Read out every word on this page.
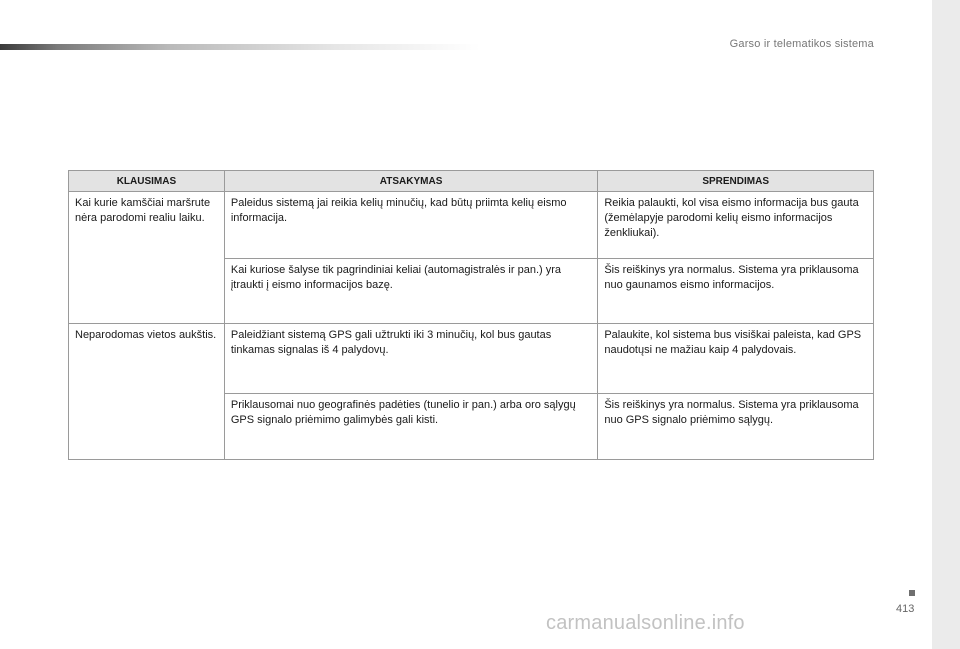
Garso ir telematikos sistema
KLAUSIMAS	ATSAKYMAS	SPRENDIMAS
Kai kurie kamščiai maršrute nėra parodomi realiu laiku.	Paleidus sistemą jai reikia kelių minučių, kad būtų priimta kelių eismo informacija.	Reikia palaukti, kol visa eismo informacija bus gauta (žemėlapyje parodomi kelių eismo informacijos ženkliukai).
	Kai kuriose šalyse tik pagrindiniai keliai (automagistralės ir pan.) yra įtraukti į eismo informacijos bazę.	Šis reiškinys yra normalus. Sistema yra priklausoma nuo gaunamos eismo informacijos.
Neparodomas vietos aukštis.	Paleidžiant sistemą GPS gali užtrukti iki 3 minučių, kol bus gautas tinkamas signalas iš 4 palydovų.	Palaukite, kol sistema bus visiškai paleista, kad GPS naudotųsi ne mažiau kaip 4 palydovais.
	Priklausomai nuo geografinės padėties (tunelio ir pan.) arba oro sąlygų GPS signalo priėmimo galimybės gali kisti.	Šis reiškinys yra normalus. Sistema yra priklausoma nuo GPS signalo priėmimo sąlygų.
413
carmanualsonline.info
